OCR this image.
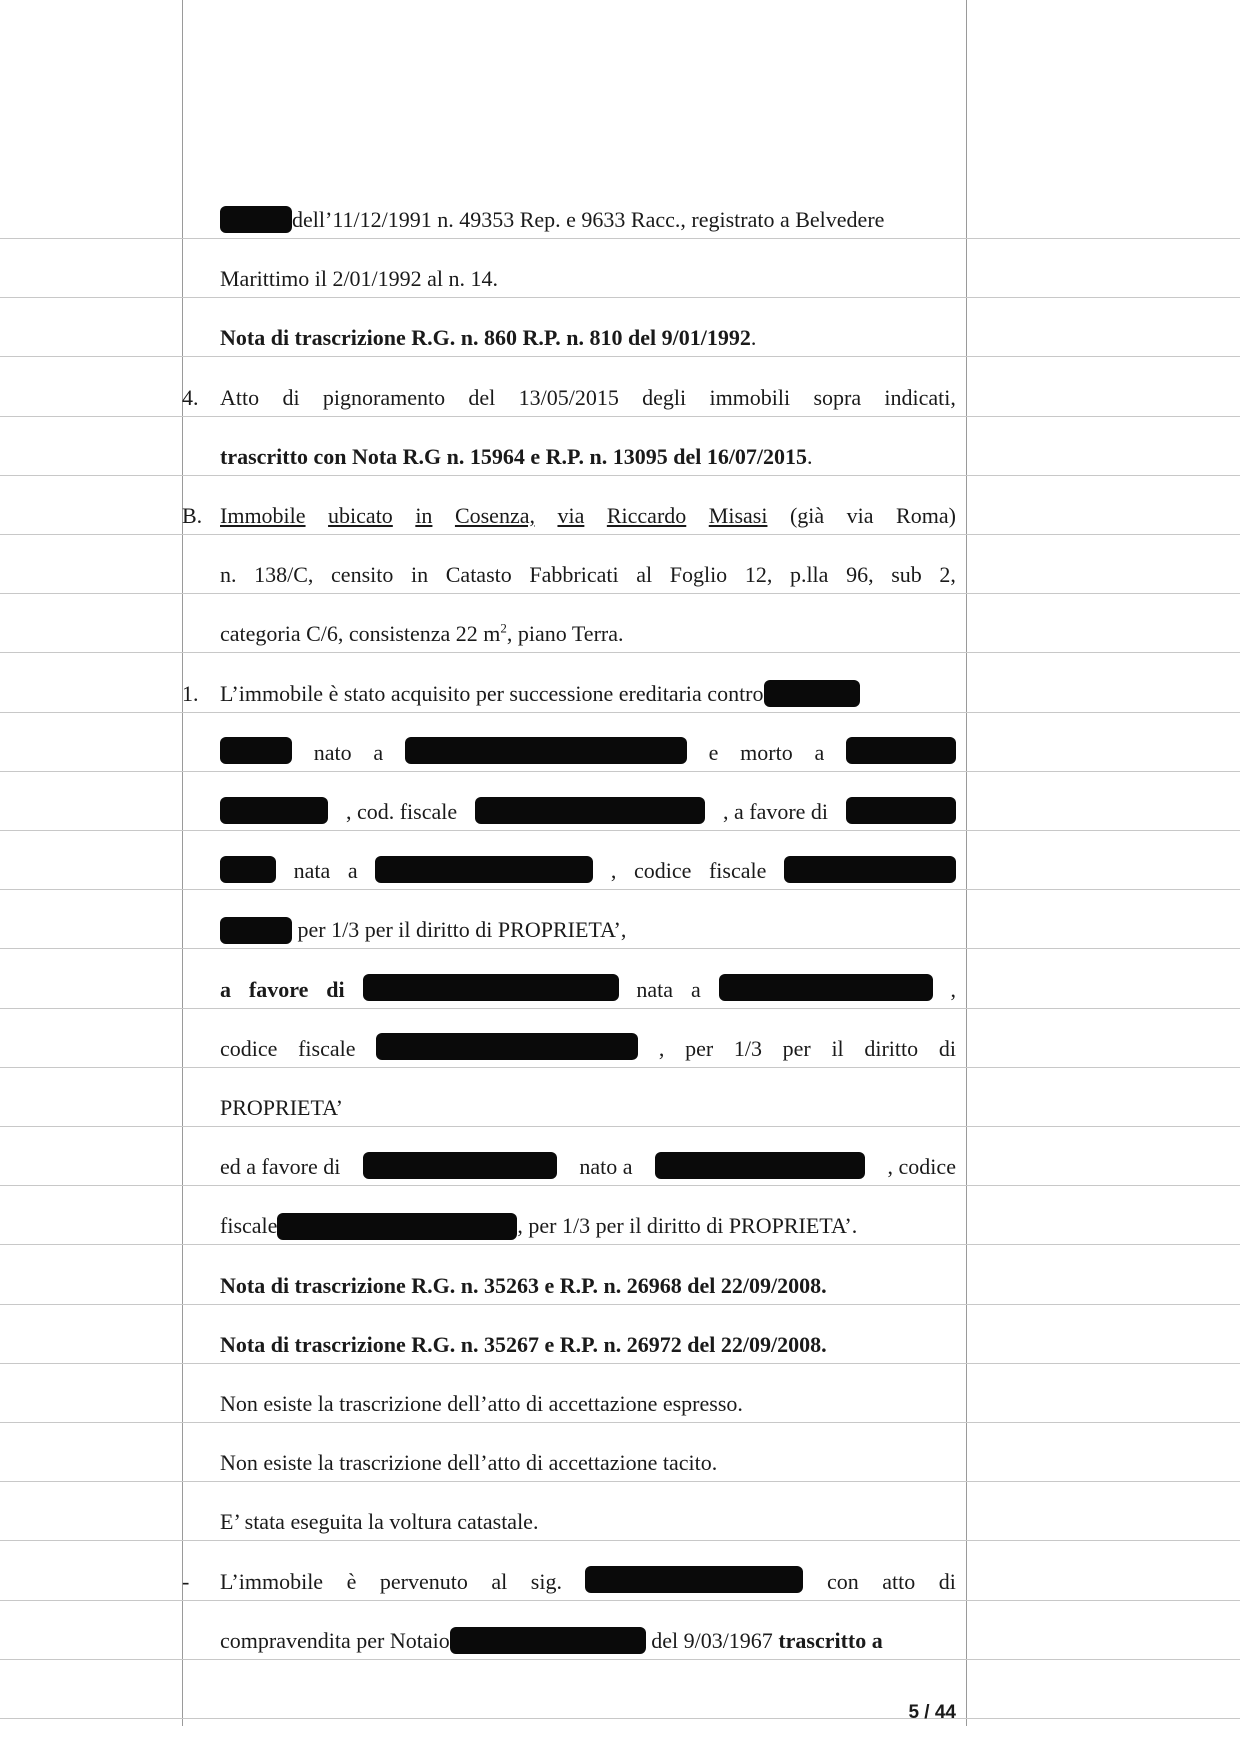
dell’11/12/1991 n. 49353 Rep. e 9633 Racc., registrato a Belvedere
Marittimo il 2/01/1992 al n. 14.
Nota di trascrizione R.G. n. 860 R.P. n. 810 del 9/01/1992.
4. Atto di pignoramento del 13/05/2015 degli immobili sopra indicati,
trascritto con Nota R.G n. 15964 e R.P. n. 13095 del 16/07/2015.
B. Immobile ubicato in Cosenza, via Riccardo Misasi (già via Roma)
n. 138/C, censito in Catasto Fabbricati al Foglio 12, p.lla 96, sub 2,
categoria C/6, consistenza 22 $m^2$, piano Terra.
1. L’immobile è stato acquisito per successione ereditaria contro
nato a	e morto a
, cod. fiscale	, a favore di
nata a	, codice fiscale
per 1/3 per il diritto di PROPRIETA’,
a favore di	nata a	,
codice fiscale	, per 1/3 per il diritto di
PROPRIETA’
ed a favore di	nato a	, codice
fiscale	, per 1/3 per il diritto di PROPRIETA’.
Nota di trascrizione R.G. n. 35263 e R.P. n. 26968 del 22/09/2008.
Nota di trascrizione R.G. n. 35267 e R.P. n. 26972 del 22/09/2008.
Non esiste la trascrizione dell’atto di accettazione espresso.
Non esiste la trascrizione dell’atto di accettazione tacito.
E’ stata eseguita la voltura catastale.
-	L’immobile è pervenuto al sig.	con atto di
compravendita per Notaio	del 9/03/1967 trascritto a
5 / 44
